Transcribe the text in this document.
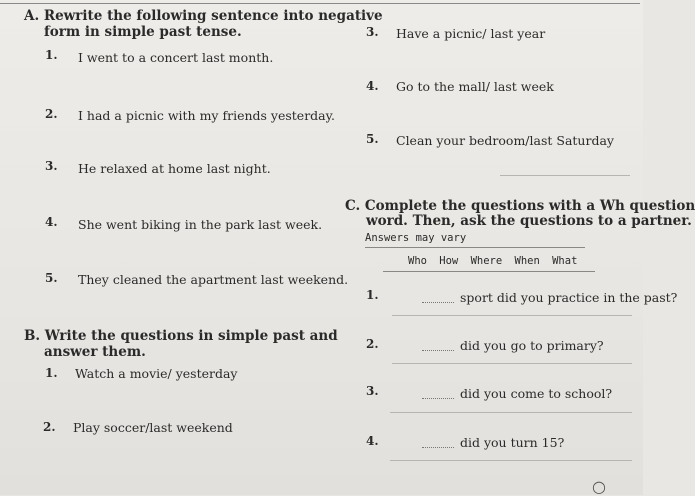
A. Rewrite the following sentence into negative
form in simple past tense.
1. I went to a concert last month.
2. I had a picnic with my friends yesterday.
3. He relaxed at home last night.
4. She went biking in the park last week.
5. They cleaned the apartment last weekend.
B. Write the questions in simple past and
answer them.
1. Watch a movie/ yesterday
2. Play soccer/last weekend
3. Have a picnic/ last year
4. Go to the mall/ last week
5. Clean your bedroom/last Saturday
C. Complete the questions with a Wh question
word. Then, ask the questions to a partner.
Answers may vary
Who How Where When What
1.	sport did you practice in the past?
2.	did you go to primary?
3.	did you come to school?
4.	did you turn 15?
○
